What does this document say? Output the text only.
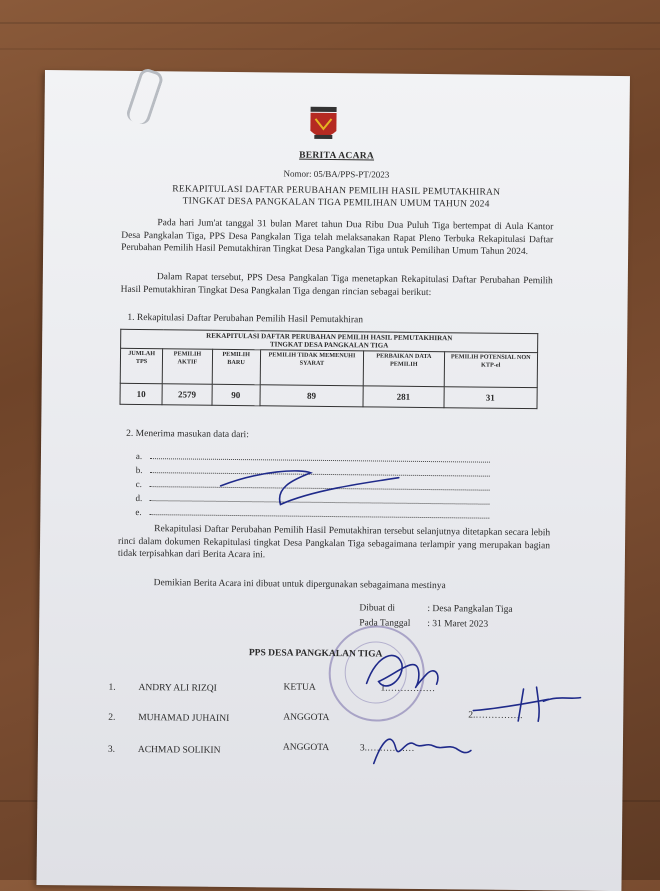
BERITA ACARA
Nomor: 05/BA/PPS-PT/2023
REKAPITULASI DAFTAR PERUBAHAN PEMILIH HASIL PEMUTAKHIRAN
TINGKAT DESA PANGKALAN TIGA PEMILIHAN UMUM TAHUN 2024
Pada hari Jum'at tanggal 31 bulan Maret tahun Dua Ribu Dua Puluh Tiga bertempat di Aula Kantor Desa Pangkalan Tiga, PPS Desa Pangkalan Tiga telah melaksanakan Rapat Pleno Terbuka Rekapitulasi Daftar Perubahan Pemilih Hasil Pemutakhiran Tingkat Desa Pangkalan Tiga untuk Pemilihan Umum Tahun 2024.
Dalam Rapat tersebut, PPS Desa Pangkalan Tiga menetapkan Rekapitulasi Daftar Perubahan Pemilih Hasil Pemutakhiran Tingkat Desa Pangkalan Tiga dengan rincian sebagai berikut:
1. Rekapitulasi Daftar Perubahan Pemilih Hasil Pemutakhiran
REKAPITULASI DAFTAR PERUBAHAN PEMILIH HASIL PEMUTAKHIRAN
TINGKAT DESA PANGKALAN TIGA					

JUMLAH TPS	PEMILIH AKTIF	PEMILIH BARU	PEMILIH TIDAK MEMENUHI SYARAT	PERBAIKAN DATA PEMILIH	PEMILIH POTENSIAL NON KTP-el
10	2579	90	89	281	31
2. Menerima masukan data dari:
a.
b.
c.
d.
e.
Rekapitulasi Daftar Perubahan Pemilih Hasil Pemutakhiran tersebut selanjutnya ditetapkan secara lebih rinci dalam dokumen Rekapitulasi tingkat Desa Pangkalan Tiga sebagaimana terlampir yang merupakan bagian tidak terpisahkan dari Berita Acara ini.
Demikian Berita Acara ini dibuat untuk dipergunakan sebagaimana mestinya
Dibuat di	: Desa Pangkalan Tiga
Pada Tanggal : 31 Maret 2023
PPS DESA PANGKALAN TIGA
1. ANDRY ALI RIZQI	KETUA
2. MUHAMAD JUHAINI	ANGGOTA
3. ACHMAD SOLIKIN	ANGGOTA
1.……………
2.……………
3.……………
